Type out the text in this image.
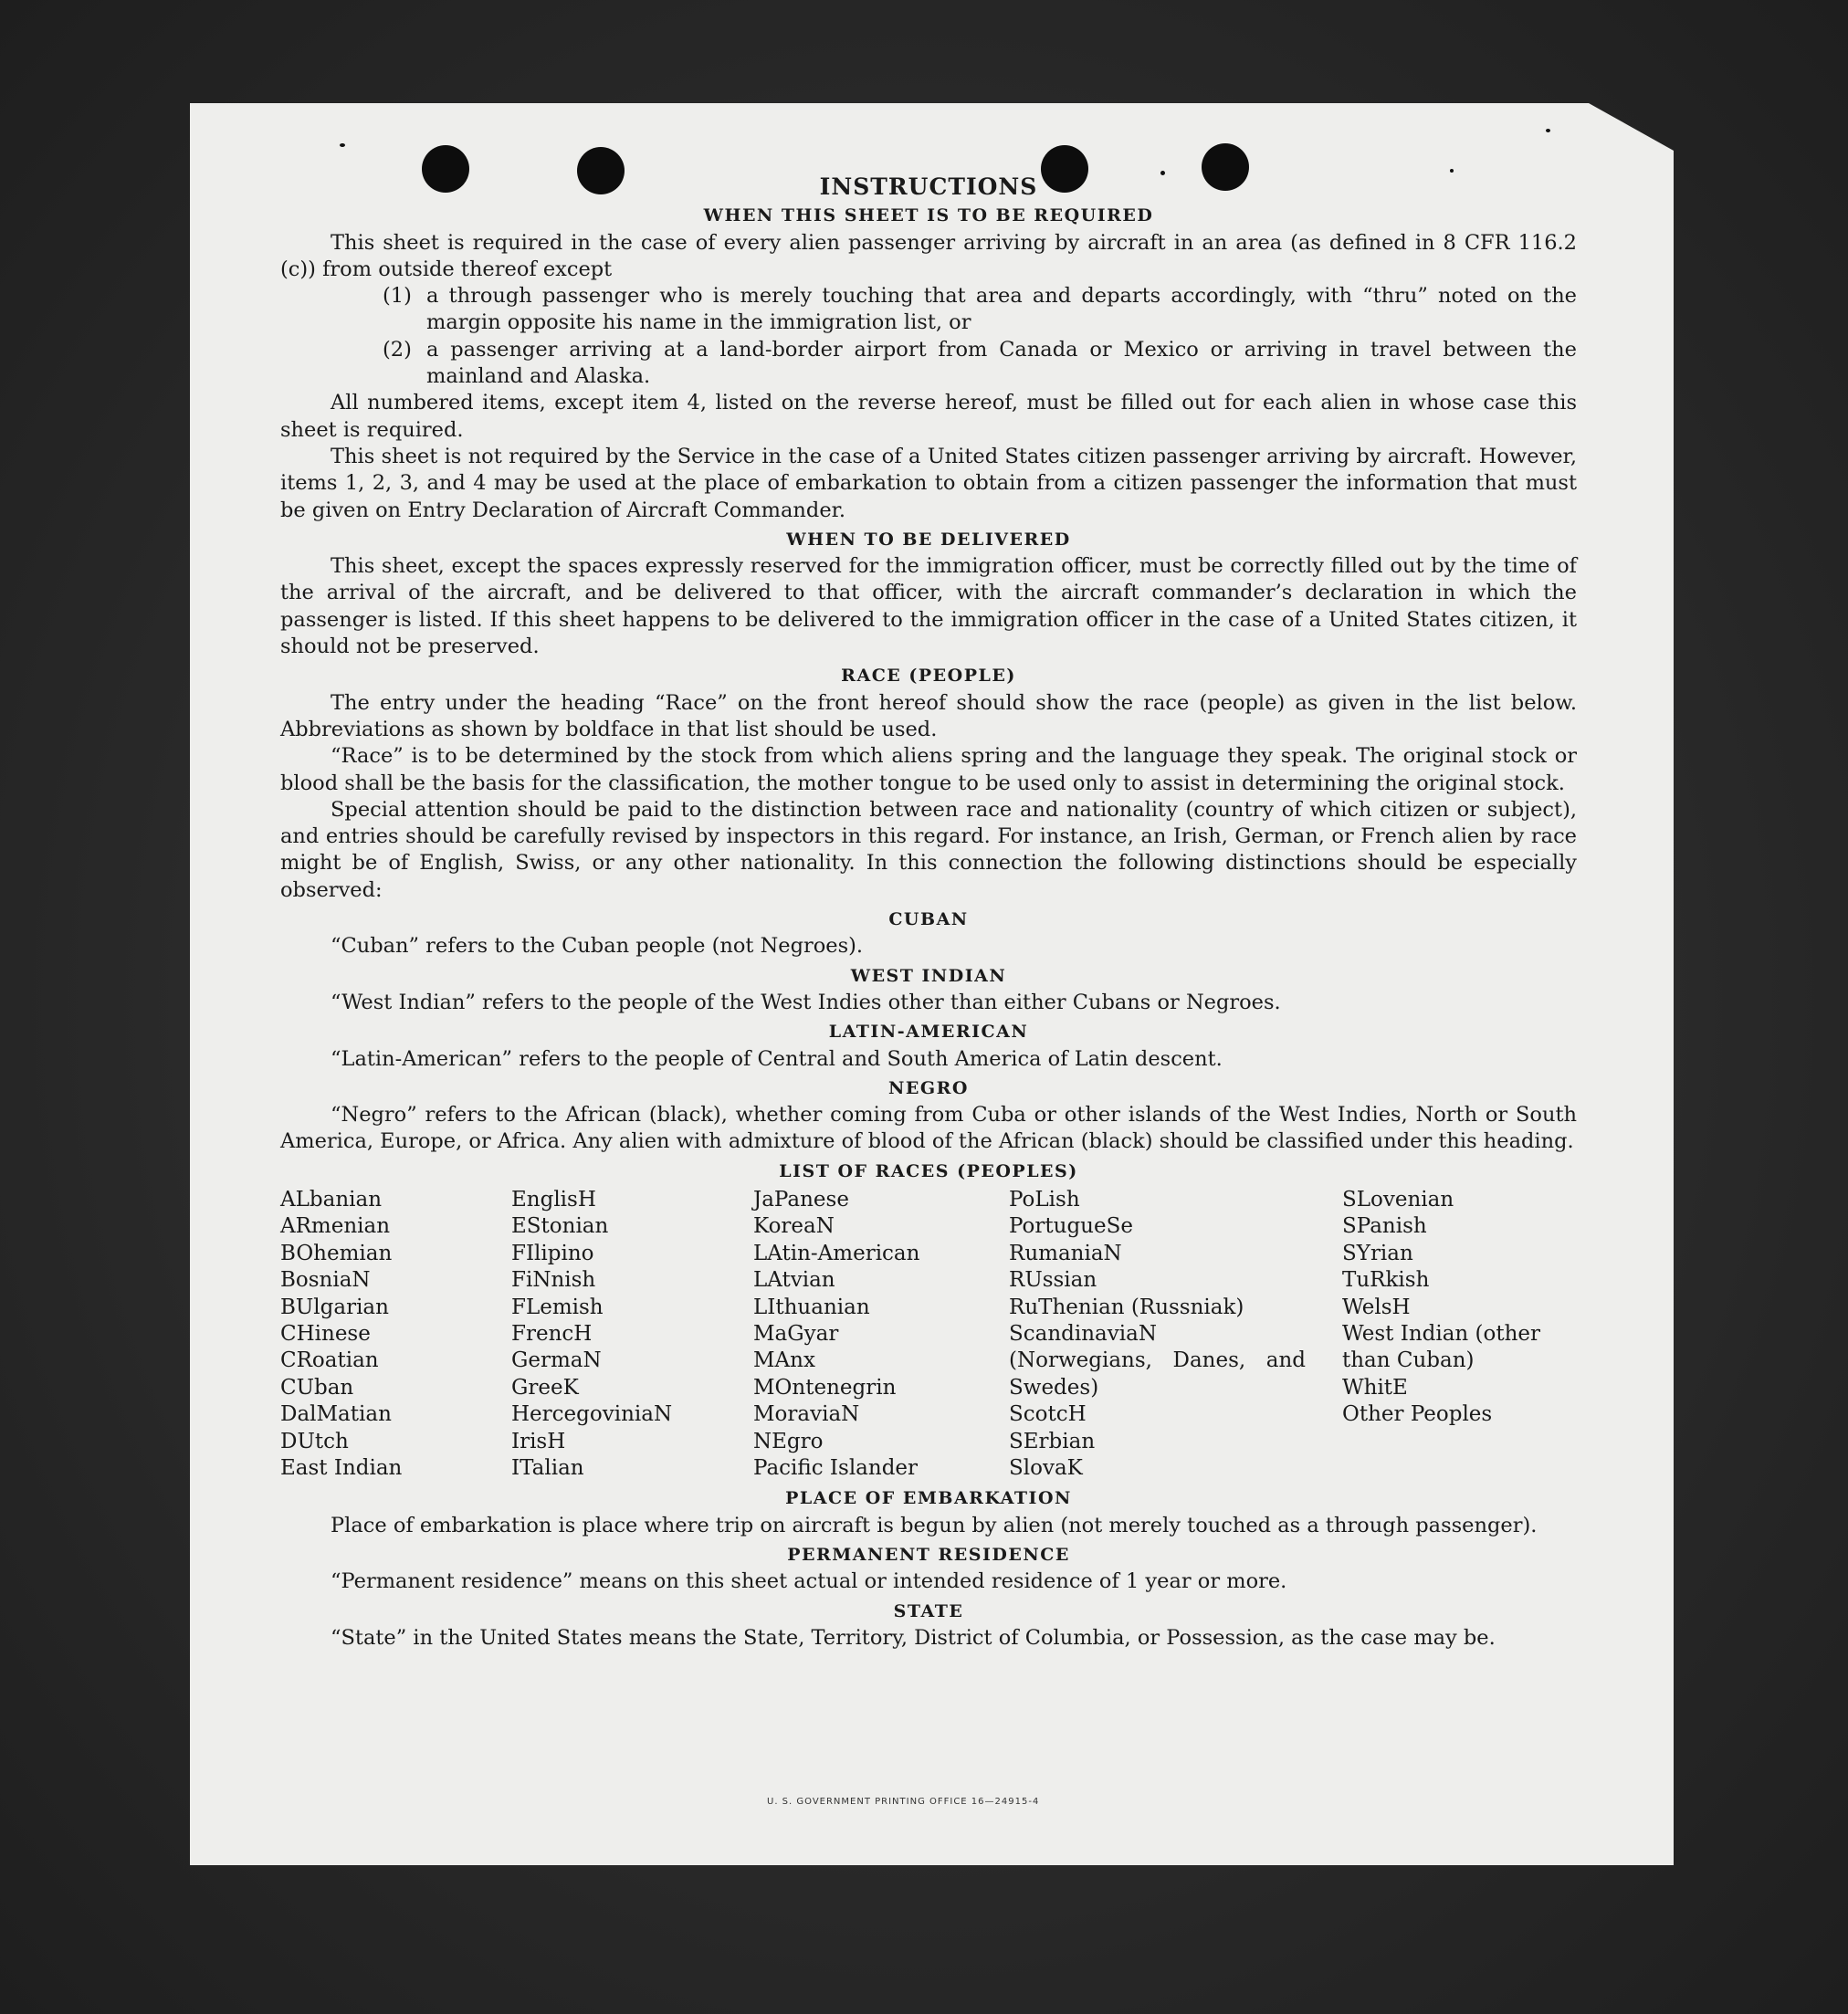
INSTRUCTIONS
WHEN THIS SHEET IS TO BE REQUIRED
This sheet is required in the case of every alien passenger arriving by aircraft in an area (as defined in 8 CFR 116.2 (c)) from outside thereof except
(1) a through passenger who is merely touching that area and departs accordingly, with “thru” noted on the margin opposite his name in the immigration list, or
(2) a passenger arriving at a land-border airport from Canada or Mexico or arriving in travel between the mainland and Alaska.
All numbered items, except item 4, listed on the reverse hereof, must be filled out for each alien in whose case this sheet is required.
This sheet is not required by the Service in the case of a United States citizen passenger arriving by aircraft. However, items 1, 2, 3, and 4 may be used at the place of embarkation to obtain from a citizen passenger the information that must be given on Entry Declaration of Aircraft Commander.
WHEN TO BE DELIVERED
This sheet, except the spaces expressly reserved for the immigration officer, must be correctly filled out by the time of the arrival of the aircraft, and be delivered to that officer, with the aircraft commander’s declaration in which the passenger is listed. If this sheet happens to be delivered to the immigration officer in the case of a United States citizen, it should not be preserved.
RACE (PEOPLE)
The entry under the heading “Race” on the front hereof should show the race (people) as given in the list below. Abbreviations as shown by boldface in that list should be used.
“Race” is to be determined by the stock from which aliens spring and the language they speak. The original stock or blood shall be the basis for the classification, the mother tongue to be used only to assist in determining the original stock.
Special attention should be paid to the distinction between race and nationality (country of which citizen or subject), and entries should be carefully revised by inspectors in this regard. For instance, an Irish, German, or French alien by race might be of English, Swiss, or any other nationality. In this connection the following distinctions should be especially observed:
CUBAN
“Cuban” refers to the Cuban people (not Negroes).
WEST INDIAN
“West Indian” refers to the people of the West Indies other than either Cubans or Negroes.
LATIN-AMERICAN
“Latin-American” refers to the people of Central and South America of Latin descent.
NEGRO
“Negro” refers to the African (black), whether coming from Cuba or other islands of the West Indies, North or South America, Europe, or Africa. Any alien with admixture of blood of the African (black) should be classified under this heading.
LIST OF RACES (PEOPLES)
ALbanian
ARmenian
BOhemian
BosniaN
BUlgarian
CHinese
CRoatian
CUban
DalMatian
DUtch
East Indian
EnglisH
EStonian
FIlipino
FiNnish
FLemish
FrencH
GermaN
GreeK
HercegoviniaN
IrisH
ITalian
JaPanese
KoreaN
LAtin-American
LAtvian
LIthuanian
MaGyar
MAnx
MOntenegrin
MoraviaN
NEgro
Pacific Islander
PoLish
PortugueSe
RumaniaN
RUssian
RuThenian (Russniak)
ScandinaviaN (Norwegians, Danes, and Swedes)
ScotcH
SErbian
SlovaK
SLovenian
SPanish
SYrian
TuRkish
WelsH
West Indian (other than Cuban)
WhitE
Other Peoples
PLACE OF EMBARKATION
Place of embarkation is place where trip on aircraft is begun by alien (not merely touched as a through passenger).
PERMANENT RESIDENCE
“Permanent residence” means on this sheet actual or intended residence of 1 year or more.
STATE
“State” in the United States means the State, Territory, District of Columbia, or Possession, as the case may be.
U. S. GOVERNMENT PRINTING OFFICE 16—24915-4
